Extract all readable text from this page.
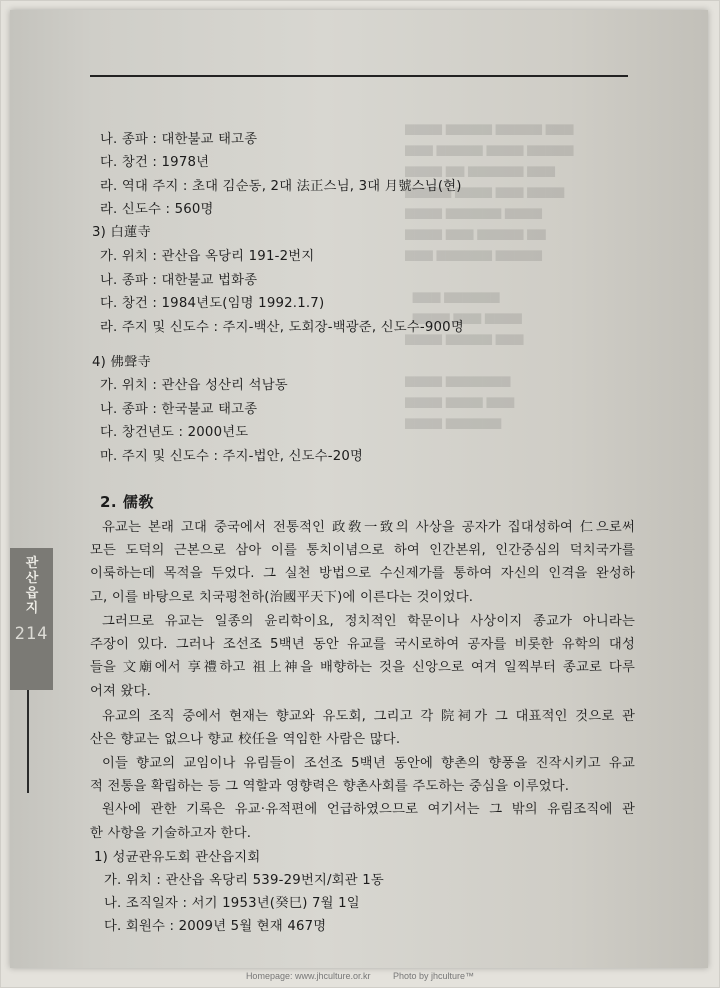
▆▆▆▆ ▆▆▆▆▆ ▆▆▆▆▆ ▆▆▆
▆▆▆ ▆▆▆▆▆ ▆▆▆▆ ▆▆▆▆▆
▆▆▆▆ ▆▆ ▆▆▆▆▆▆ ▆▆▆
▆▆▆▆▆ ▆▆▆▆ ▆▆▆ ▆▆▆▆
▆▆▆▆ ▆▆▆▆▆▆ ▆▆▆▆
▆▆▆▆ ▆▆▆ ▆▆▆▆▆ ▆▆
▆▆▆ ▆▆▆▆▆▆ ▆▆▆▆▆

▆▆▆ ▆▆▆▆▆▆
▆▆▆▆ ▆▆▆ ▆▆▆▆
▆▆▆▆ ▆▆▆▆▆ ▆▆▆

▆▆▆▆ ▆▆▆▆▆▆▆
▆▆▆▆ ▆▆▆▆ ▆▆▆
▆▆▆▆ ▆▆▆▆▆▆
나. 종파 : 대한불교 태고종
다. 창건 : 1978년
라. 역대 주지 : 초대 김순동, 2대 法正스님, 3대 月號스님(현)
라. 신도수 : 560명
3) 白蓮寺
가. 위치 : 관산읍 옥당리 191-2번지
나. 종파 : 대한불교 법화종
다. 창건 : 1984년도(임명 1992.1.7)
라. 주지 및 신도수 : 주지-백산, 도회장-백광준, 신도수-900명
4) 佛聲寺
가. 위치 : 관산읍 성산리 석남동
나. 종파 : 한국불교 태고종
다. 창건년도 : 2000년도
마. 주지 및 신도수 : 주지-법안, 신도수-20명
2. 儒敎
유교는 본래 고대 중국에서 전통적인 政敎一致의 사상을 공자가 집대성하여 仁으로써
모든 도덕의 근본으로 삼아 이를 통치이념으로 하여 인간본위, 인간중심의 덕치국가를
이룩하는데 목적을 두었다. 그 실천 방법으로 수신제가를 통하여 자신의 인격을 완성하
고, 이를 바탕으로 치국평천하(治國平天下)에 이른다는 것이었다.
그러므로 유교는 일종의 윤리학이요, 정치적인 학문이나 사상이지 종교가 아니라는
주장이 있다. 그러나 조선조 5백년 동안 유교를 국시로하여 공자를 비롯한 유학의 대성
들을 文廟에서 享禮하고 祖上神을 배향하는 것을 신앙으로 여겨 일찍부터 종교로 다루
어져 왔다.
유교의 조직 중에서 현재는 향교와 유도회, 그리고 각 院祠가 그 대표적인 것으로 관
산은 향교는 없으나 향교 校任을 역임한 사람은 많다.
이들 향교의 교임이나 유림들이 조선조 5백년 동안에 향촌의 향풍을 진작시키고 유교
적 전통을 확립하는 등 그 역할과 영향력은 향촌사회를 주도하는 중심을 이루었다.
원사에 관한 기록은 유교·유적편에 언급하였으므로 여기서는 그 밖의 유림조직에 관
한 사항을 기술하고자 한다.
1) 성균관유도회 관산읍지회
가. 위치 : 관산읍 옥당리 539-29번지/회관 1동
나. 조직일자 : 서기 1953년(癸巳) 7월 1일
다. 회원수 : 2009년 5월 현재 467명
관산읍지
214
Homepage: www.jhculture.or.kr	Photo by jhculture™
